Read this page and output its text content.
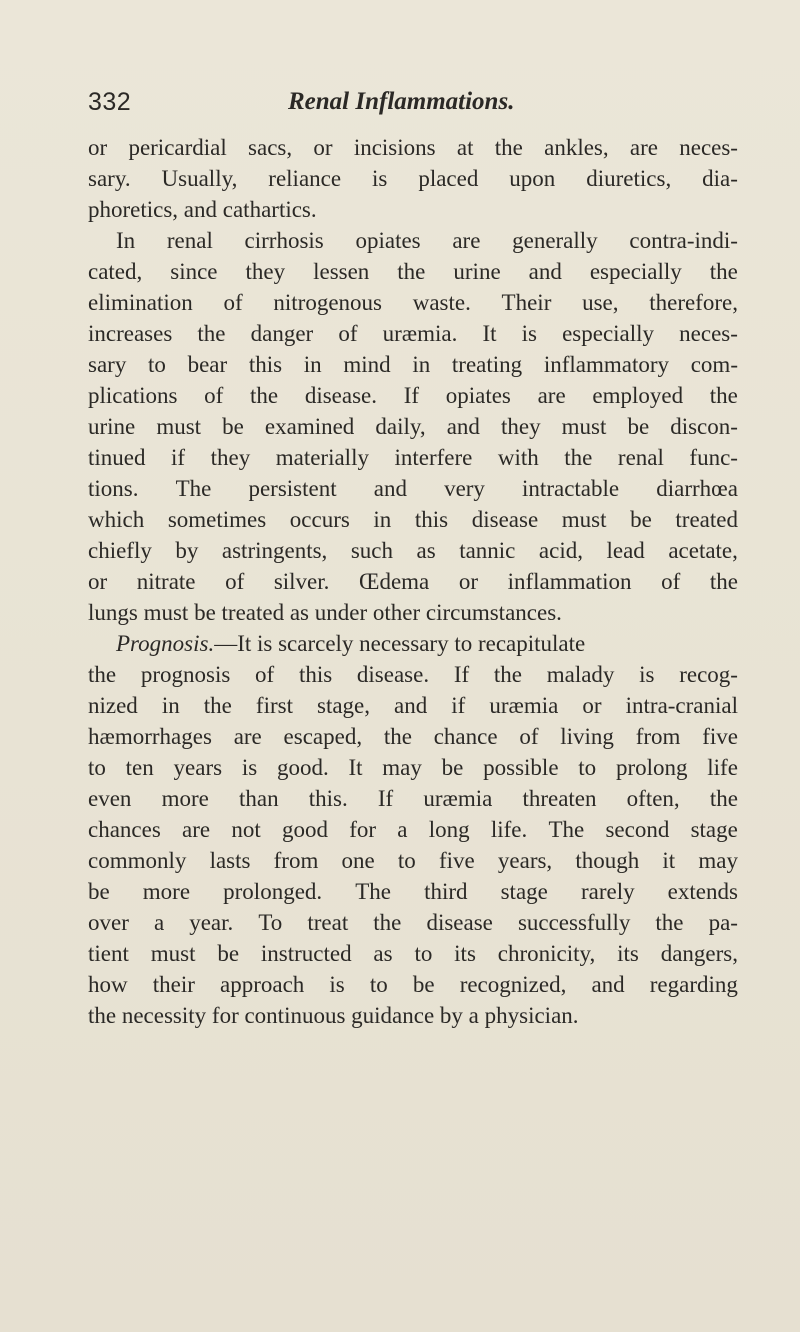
332	Renal Inflammations.
or pericardial sacs, or incisions at the ankles, are neces-
sary. Usually, reliance is placed upon diuretics, dia-
phoretics, and cathartics.
In renal cirrhosis opiates are generally contra-indi-
cated, since they lessen the urine and especially the
elimination of nitrogenous waste. Their use, therefore,
increases the danger of uræmia. It is especially neces-
sary to bear this in mind in treating inflammatory com-
plications of the disease. If opiates are employed the
urine must be examined daily, and they must be discon-
tinued if they materially interfere with the renal func-
tions. The persistent and very intractable diarrhœa
which sometimes occurs in this disease must be treated
chiefly by astringents, such as tannic acid, lead acetate,
or nitrate of silver. Œdema or inflammation of the
lungs must be treated as under other circumstances.
Prognosis.—It is scarcely necessary to recapitulate
the prognosis of this disease. If the malady is recog-
nized in the first stage, and if uræmia or intra-cranial
hæmorrhages are escaped, the chance of living from five
to ten years is good. It may be possible to prolong life
even more than this. If uræmia threaten often, the
chances are not good for a long life. The second stage
commonly lasts from one to five years, though it may
be more prolonged. The third stage rarely extends
over a year. To treat the disease successfully the pa-
tient must be instructed as to its chronicity, its dangers,
how their approach is to be recognized, and regarding
the necessity for continuous guidance by a physician.
